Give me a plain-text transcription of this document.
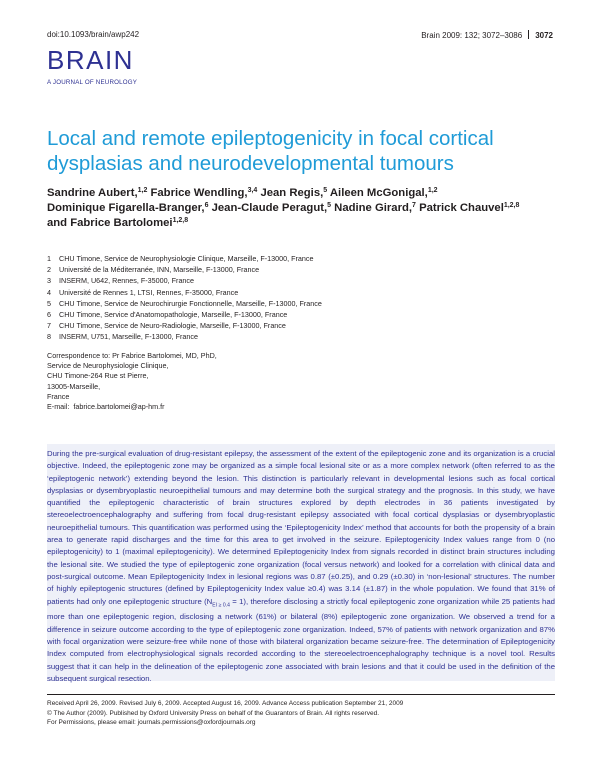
doi:10.1093/brain/awp242	Brain 2009: 132; 3072–3086 3072
BRAIN
A JOURNAL OF NEUROLOGY
Local and remote epileptogenicity in focal cortical dysplasias and neurodevelopmental tumours
Sandrine Aubert,$^{1,2}$ Fabrice Wendling,$^{3,4}$ Jean Regis,$^5$ Aileen McGonigal,$^{1,2}$
Dominique Figarella-Branger,$^6$ Jean-Claude Peragut,$^5$ Nadine Girard,$^7$ Patrick Chauvel$^{1,2,8}$
and Fabrice Bartolomei$^{1,2,8}$
1 CHU Timone, Service de Neurophysiologie Clinique, Marseille, F-13000, France
2 Université de la Méditerranée, INN, Marseille, F-13000, France
3 INSERM, U642, Rennes, F-35000, France
4 Université de Rennes 1, LTSI, Rennes, F-35000, France
5 CHU Timone, Service de Neurochirurgie Fonctionnelle, Marseille, F-13000, France
6 CHU Timone, Service d'Anatomopathologie, Marseille, F-13000, France
7 CHU Timone, Service de Neuro-Radiologie, Marseille, F-13000, France
8 INSERM, U751, Marseille, F-13000, France
Correspondence to: Pr Fabrice Bartolomei, MD, PhD,
Service de Neurophysiologie Clinique,
CHU Timone-264 Rue st Pierre,
13005-Marseille,
France
E-mail: fabrice.bartolomei@ap-hm.fr
During the pre-surgical evaluation of drug-resistant epilepsy, the assessment of the extent of the epileptogenic zone and its organization is a crucial objective. Indeed, the epileptogenic zone may be organized as a simple focal lesional site or as a more complex network (often referred to as the ‘epileptogenic network’) extending beyond the lesion. This distinction is particularly relevant in developmental lesions such as focal cortical dysplasias or dysembryoplastic neuroepithelial tumours and may determine both the surgical strategy and the prognosis. In this study, we have quantified the epileptogenic characteristic of brain structures explored by depth electrodes in 36 patients investigated by stereoelectroencephalography and suffering from focal drug-resistant epilepsy associated with focal cortical dysplasias or dysembryoplastic neuroepithelial tumours. This quantification was performed using the ‘Epileptogenicity Index’ method that accounts for both the propensity of a brain area to generate rapid discharges and the time for this area to get involved in the seizure. Epileptogenicity Index values range from 0 (no epileptogenicity) to 1 (maximal epileptogenicity). We determined Epileptogenicity Index from signals recorded in distinct brain structures including the lesional site. We studied the type of epileptogenic zone organization (focal versus network) and looked for a correlation with clinical data and post-surgical outcome. Mean Epileptogenicity Index in lesional regions was 0.87 (±0.25), and 0.29 (±0.30) in ‘non-lesional’ structures. The number of highly epileptogenic structures (defined by Epileptogenicity Index value ≥0.4) was 3.14 (±1.87) in the whole population. We found that 31% of patients had only one epileptogenic structure $(N_{EI \ge 0.4} = 1)$, therefore disclosing a strictly focal epileptogenic zone organization while 25 patients had more than one epileptogenic region, disclosing a network (61%) or bilateral (8%) epileptogenic zone organization. We observed a trend for a difference in seizure outcome according to the type of epileptogenic zone organization. Indeed, 57% of patients with network organization and 87% with focal organization were seizure-free while none of those with bilateral organization became seizure-free. The determination of Epileptogenicity Index computed from electrophysiological signals recorded according to the stereoelectroencephalography technique is a novel tool. Results suggest that it can help in the delineation of the epileptogenic zone associated with brain lesions and that it could be used in the definition of the subsequent surgical resection.
Received April 26, 2009. Revised July 6, 2009. Accepted August 16, 2009. Advance Access publication September 21, 2009
© The Author (2009). Published by Oxford University Press on behalf of the Guarantors of Brain. All rights reserved.
For Permissions, please email: journals.permissions@oxfordjournals.org
